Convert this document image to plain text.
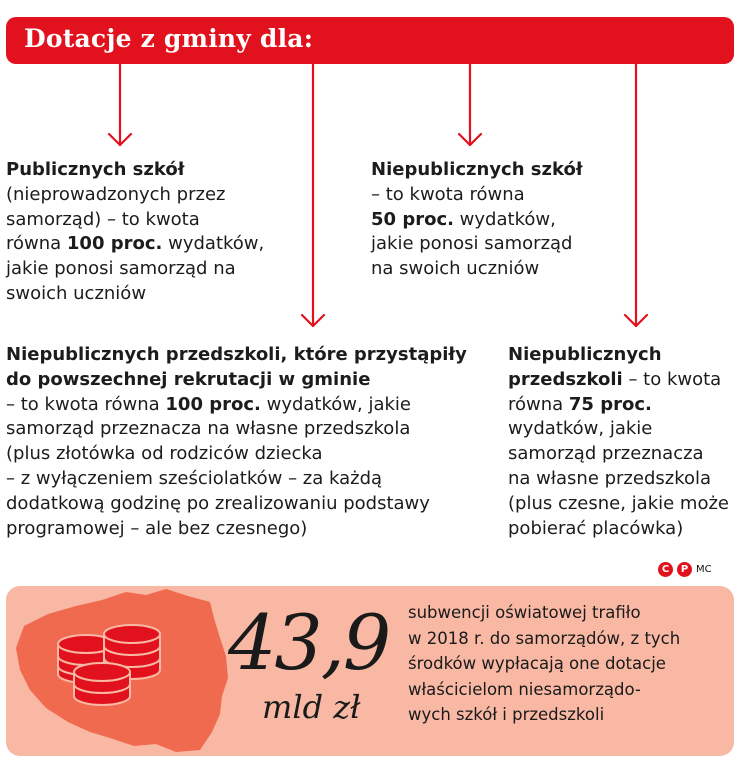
Dotacje z gminy dla:
Publicznych szkół
(nieprowadzonych przez
samorząd) – to kwota
równa 100 proc. wydatków,
jakie ponosi samorząd na
swoich uczniów
Niepublicznych szkół
– to kwota równa
50 proc. wydatków,
jakie ponosi samorząd
na swoich uczniów
Niepublicznych przedszkoli, które przystąpiły
do powszechnej rekrutacji w gminie
– to kwota równa 100 proc. wydatków, jakie
samorząd przeznacza na własne przedszkola
(plus złotówka od rodziców dziecka
– z wyłączeniem sześciolatków – za każdą
dodatkową godzinę po zrealizowaniu podstawy
programowej – ale bez czesnego)
Niepublicznych
przedszkoli – to kwota
równa 75 proc.
wydatków, jakie
samorząd przeznacza
na własne przedszkola
(plus czesne, jakie może
pobierać placówka)
C	P MC
43,9
mld zł
subwencji oświatowej trafiło
w 2018 r. do samorządów, z tych
środków wypłacają one dotacje
właścicielom niesamorządo-
wych szkół i przedszkoli
